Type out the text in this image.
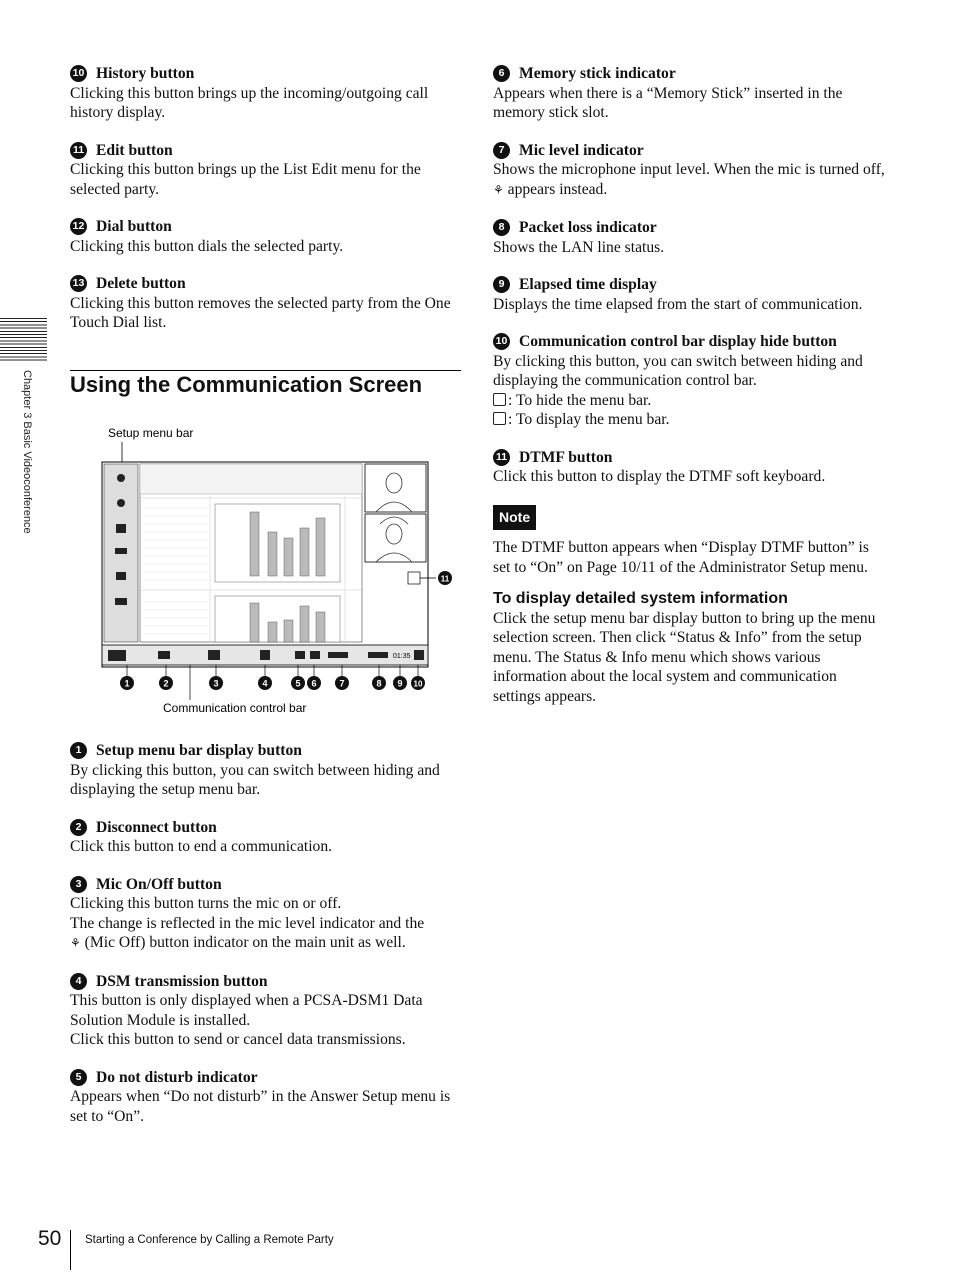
Chapter 3 Basic Videoconference
10 History button

Clicking this button brings up the incoming/outgoing call history display.

11 Edit button

Clicking this button brings up the List Edit menu for the selected party.

12 Dial button

Clicking this button dials the selected party.

13 Delete button

Clicking this button removes the selected party from the One Touch Dial list.

Using the Communication Screen
Setup menu bar
01:35
1	2	3	4	5 6	7	8 9 10
11
Communication control bar
1 Setup menu bar display button

By clicking this button, you can switch between hiding and displaying the setup menu bar.

2 Disconnect button

Click this button to end a communication.

3 Mic On/Off button

Clicking this button turns the mic on or off.

The change is reflected in the mic level indicator and the

⚘ (Mic Off) button indicator on the main unit as well.

4 DSM transmission button

This button is only displayed when a PCSA-DSM1 Data Solution Module is installed.

Click this button to send or cancel data transmissions.

5 Do not disturb indicator

Appears when “Do not disturb” in the Answer Setup menu is set to “On”.

6 Memory stick indicator

Appears when there is a “Memory Stick” inserted in the memory stick slot.

7 Mic level indicator

Shows the microphone input level. When the mic is turned off, ⚘ appears instead.

8 Packet loss indicator

Shows the LAN line status.

9 Elapsed time display

Displays the time elapsed from the start of communication.

10 Communication control bar display hide button

By clicking this button, you can switch between hiding and displaying the communication control bar.

: To hide the menu bar.

: To display the menu bar.

11 DTMF button

Click this button to display the DTMF soft keyboard.

Note

The DTMF button appears when “Display DTMF button” is set to “On” on Page 10/11 of the Administrator Setup menu.

To display detailed system information

Click the setup menu bar display button to bring up the menu selection screen. Then click “Status & Info” from the setup menu. The Status & Info menu which shows various information about the local system and communication settings appears.

50 Starting a Conference by Calling a Remote Party
